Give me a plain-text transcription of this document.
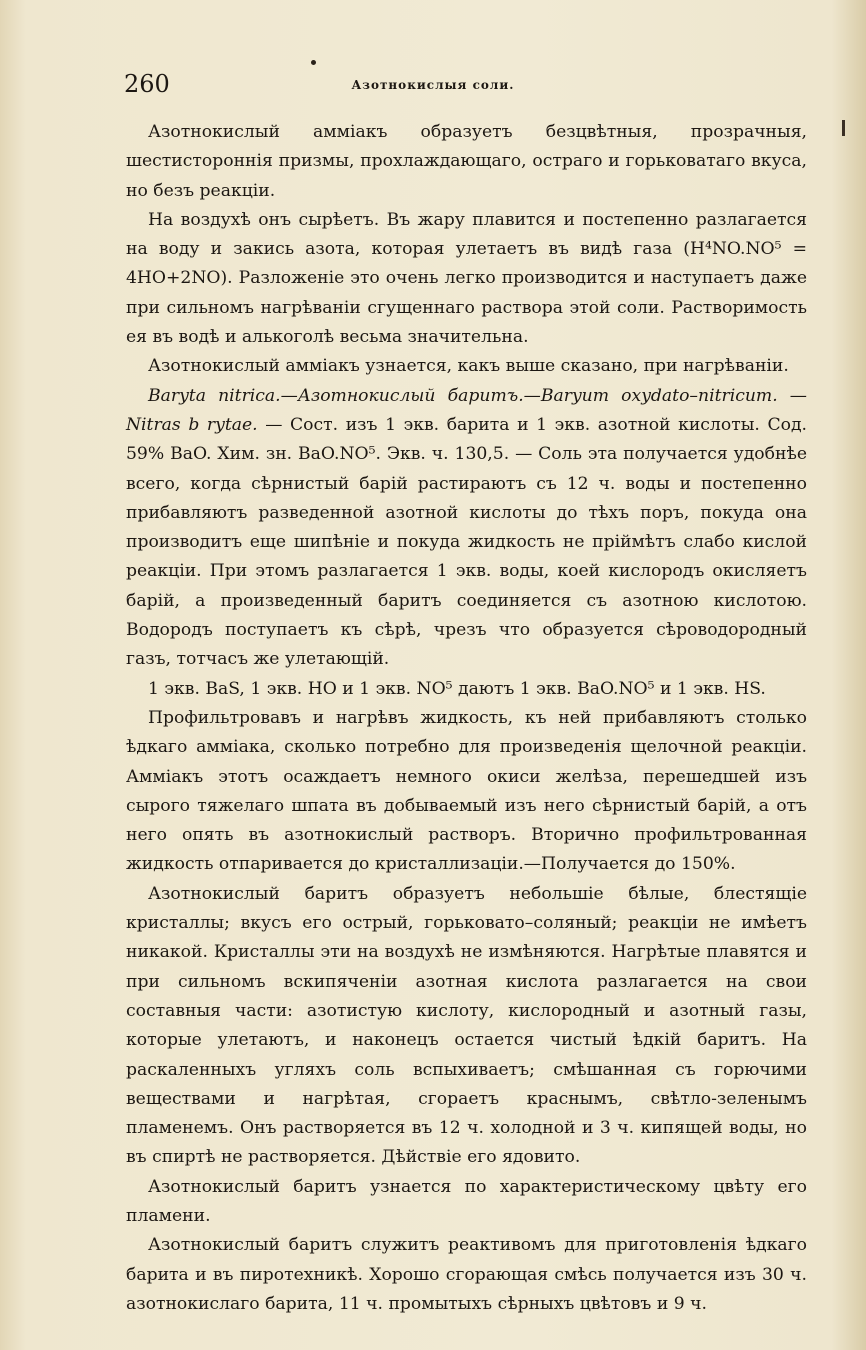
260	Азотнокислыя соли.

Азотнокислый амміакъ образуетъ безцвѣтныя, прозрачныя, шестистороннія призмы, прохлаждающаго, остраго и горьковатаго вкуса, но безъ реакціи.

На воздухѣ онъ сырѣетъ. Въ жару плавится и постепенно разлагается на воду и закись азота, которая улетаетъ въ видѣ газа (H⁴NO.NO⁵ = 4HO+2NO). Разложеніе это очень легко производится и наступаетъ даже при сильномъ нагрѣваніи сгущеннаго раствора этой соли. Растворимость ея въ водѣ и алькоголѣ весьма значительна.

Азотнокислый амміакъ узнается, какъ выше сказано, при нагрѣваніи.

Baryta nitrica.—Азотнокислый баритъ.—Baryum oxydato–nitricum. — Nitras b rytae. — Сост. изъ 1 экв. барита и 1 экв. азотной кислоты. Сод. 59% BaO. Хим. зн. BaO.NO⁵. Экв. ч. 130,5. — Соль эта получается удобнѣе всего, когда сѣрнистый барій растираютъ съ 12 ч. воды и постепенно прибавляютъ разведенной азотной кислоты до тѣхъ поръ, покуда она производитъ еще шипѣніе и покуда жидкость не пріймѣтъ слабо кислой реакціи. При этомъ разлагается 1 экв. воды, коей кислородъ окисляетъ барій, а произведенный баритъ соединяется съ азотною кислотою. Водородъ поступаетъ къ сѣрѣ, чрезъ что образуется сѣроводородный газъ, тотчасъ же улетающій.

1 экв. BaS, 1 экв. HO и 1 экв. NO⁵ даютъ 1 экв. BaO.NO⁵ и 1 экв. HS.

Профильтровавъ и нагрѣвъ жидкость, къ ней прибавляютъ столько ѣдкаго амміака, сколько потребно для произведенія щелочной реакціи. Амміакъ этотъ осаждаетъ немного окиси желѣза, перешедшей изъ сырого тяжелаго шпата въ добываемый изъ него сѣрнистый барій, а отъ него опять въ азотнокислый растворъ. Вторично профильтрованная жидкость отпаривается до кристаллизаціи.—Получается до 150%.

Азотнокислый баритъ образуетъ небольшіе бѣлые, блестящіе кристаллы; вкусъ его острый, горьковато–соляный; реакціи не имѣетъ никакой. Кристаллы эти на воздухѣ не измѣняются. Нагрѣтые плавятся и при сильномъ вскипяченіи азотная кислота разлагается на свои составныя части: азотистую кислоту, кислородный и азотный газы, которые улетаютъ, и наконецъ остается чистый ѣдкій баритъ. На раскаленныхъ угляхъ соль вспыхиваетъ; смѣшанная съ горючими веществами и нагрѣтая, сгораетъ краснымъ, свѣтло-зеленымъ пламенемъ. Онъ растворяется въ 12 ч. холодной и 3 ч. кипящей воды, но въ спиртѣ не растворяется. Дѣйствіе его ядовито.

Азотнокислый баритъ узнается по характеристическому цвѣту его пламени.

Азотнокислый баритъ служитъ реактивомъ для приготовленія ѣдкаго барита и въ пиротехникѣ. Хорошо сгорающая смѣсь получается изъ 30 ч. азотнокислаго барита, 11 ч. промытыхъ сѣрныхъ цвѣтовъ и 9 ч.
